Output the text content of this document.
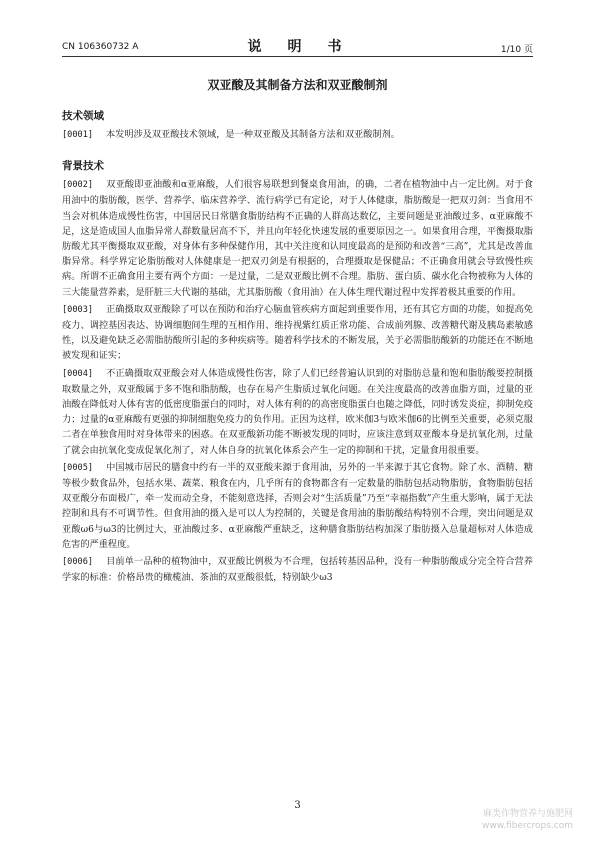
CN 106360732 A	说　明　书	1/10 页
双亚酸及其制备方法和双亚酸制剂
技术领域

[0001] 本发明涉及双亚酸技术领域，是一种双亚酸及其制备方法和双亚酸制剂。

背景技术

[0002] 双亚酸即亚油酸和α亚麻酸，人们很容易联想到餐桌食用油，的确，二者在植物油中占一定比例。对于食用油中的脂肪酸，医学、营养学、临床营养学、流行病学已有定论，对于人体健康，脂肪酸是一把双刃剑：当食用不当会对机体造成慢性伤害，中国居民日常膳食脂肪结构不正确的人群高达数亿，主要问题是亚油酸过多、α亚麻酸不足，这是造成国人血脂异常人群数量居高不下，并且向年轻化快速发展的重要原因之一。如果食用合理，平衡摄取脂肪酸尤其平衡摄取双亚酸，对身体有多种保健作用，其中关注度和认同度最高的是预防和改善“三高”，尤其是改善血脂异常。科学界定论脂肪酸对人体健康是一把双刃剑是有根据的，合理摄取是保健品；不正确食用就会导致慢性疾病。所谓不正确食用主要有两个方面：一是过量，二是双亚酸比例不合理。脂肪、蛋白质、碳水化合物被称为人体的三大能量营养素，是肝脏三大代谢的基础，尤其脂肪酸（食用油）在人体生理代谢过程中发挥着极其重要的作用。

[0003] 正确摄取双亚酸除了可以在预防和治疗心脑血管疾病方面起到重要作用，还有其它方面的功能，如提高免疫力、调控基因表达、协调细胞间生理的互相作用、维持视紫红质正常功能、合成前列腺、改善糖代谢及胰岛素敏感性，以及避免缺乏必需脂肪酸所引起的多种疾病等。随着科学技术的不断发展，关于必需脂肪酸新的功能还在不断地被发现和证实；

[0004] 不正确摄取双亚酸会对人体造成慢性伤害，除了人们已经普遍认识到的对脂肪总量和饱和脂肪酸要控制摄取数量之外，双亚酸属于多不饱和脂肪酸，也存在易产生脂质过氧化问题。在关注度最高的改善血脂方面，过量的亚油酸在降低对人体有害的低密度脂蛋白的同时，对人体有利的的高密度脂蛋白也随之降低，同时诱发炎症，抑制免疫力；过量的α亚麻酸有更强的抑制细胞免疫力的负作用。正因为这样，欧米伽3与欧米伽6的比例至关重要，必须克服二者在单独食用时对身体带来的困惑。在双亚酸新功能不断被发现的同时，应该注意到双亚酸本身是抗氧化剂，过量了就会由抗氧化变成促氧化剂了，对人体自身的抗氧化体系会产生一定的抑制和干扰，定量食用很重要。

[0005] 中国城市居民的膳食中约有一半的双亚酸来源于食用油，另外的一半来源于其它食物。除了水、酒精、糖等极少数食品外，包括水果、蔬菜、粮食在内，几乎所有的食物都含有一定数量的脂肪包括动物脂肪，食物脂肪包括双亚酸分布面极广，牵一发而动全身，不能刻意选择，否则会对“生活质量”乃至“幸福指数”产生重大影响，属于无法控制和具有不可调节性。但食用油的摄入是可以人为控制的，关键是食用油的脂肪酸结构特别不合理，突出问题是双亚酸ω6与ω3的比例过大，亚油酸过多、α亚麻酸严重缺乏，这种膳食脂肪结构加深了脂肪摄入总量超标对人体造成危害的严重程度。

[0006] 目前单一品种的植物油中，双亚酸比例极为不合理，包括转基因品种，没有一种脂肪酸成分完全符合营养学家的标准：价格昂贵的橄榄油、茶油的双亚酸很低，特别缺少ω3

3
麻类作物营养与施肥网
www.fibercrops.com
